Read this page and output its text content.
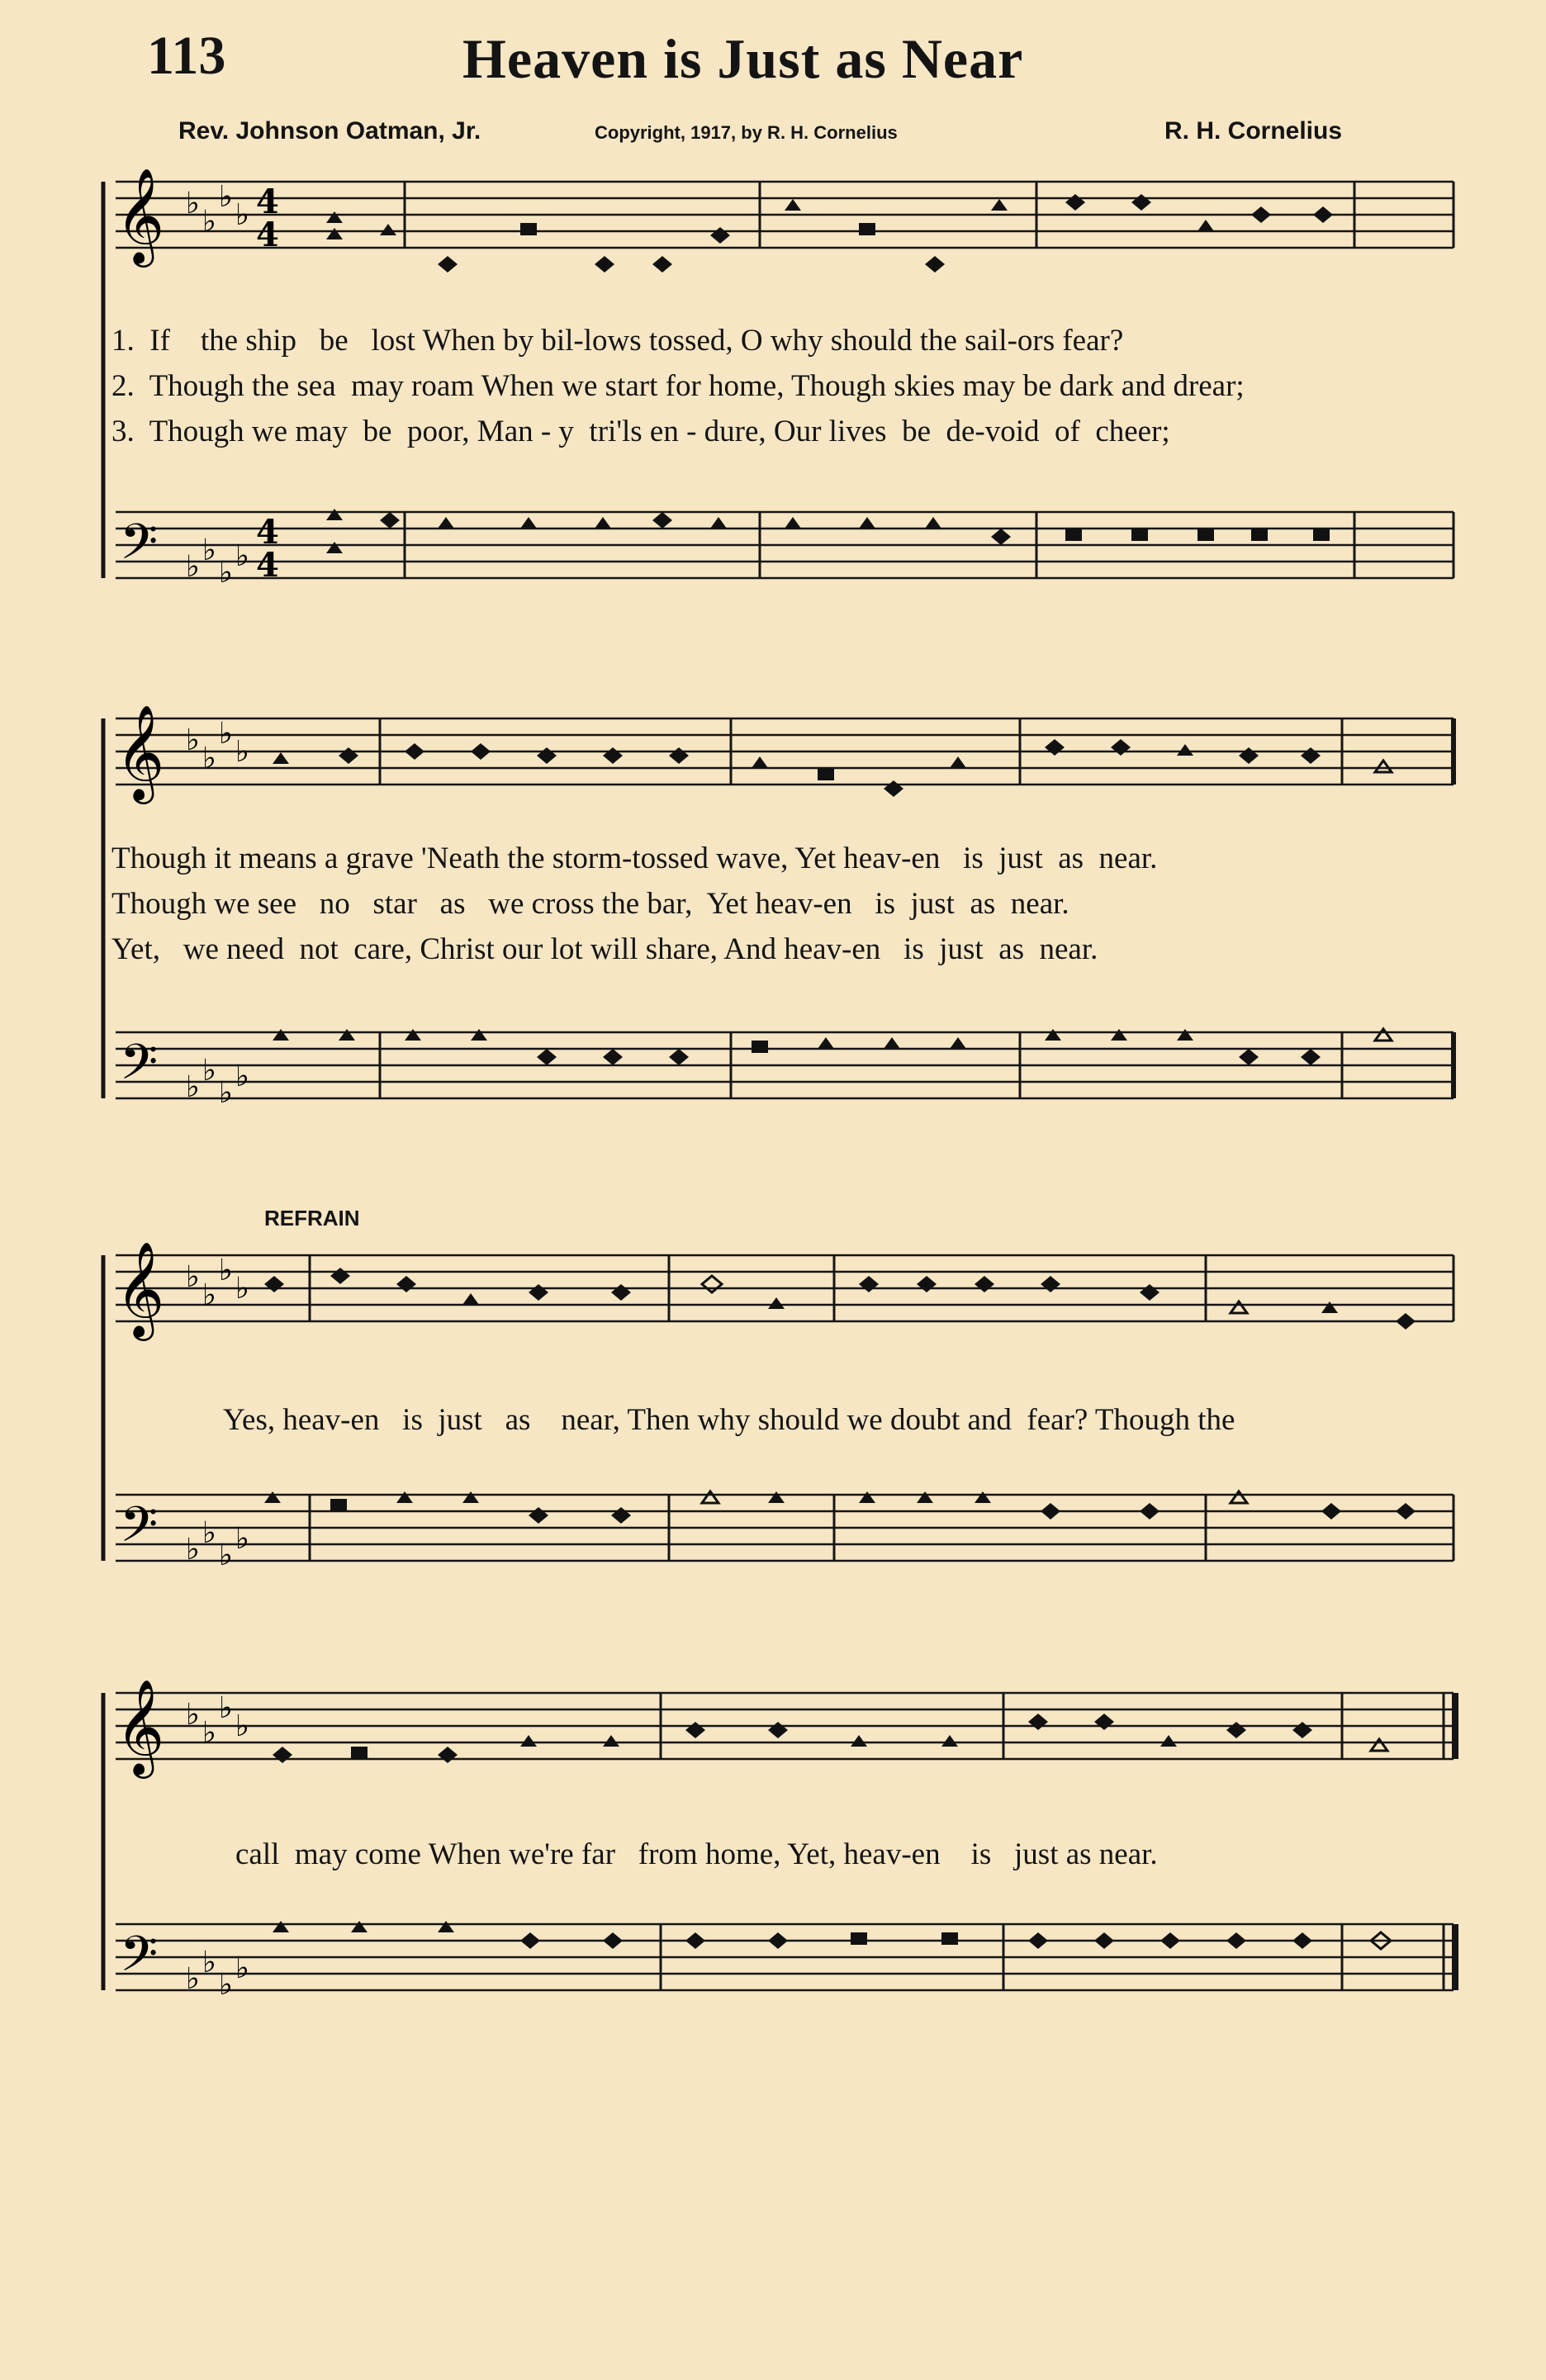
113	Heaven is Just as Near
Rev. Johnson Oatman, Jr.	Copyright, 1917, by R. H. Cornelius	R. H. Cornelius
𝄞
𝄢
♭
♭
♭
♭
♭ ♭
♭ ♭
4
4
4
4
1.  If    the ship   be   lost When by bil-lows tossed, O why should the sail-ors fear?
2.  Though the sea  may roam When we start for home, Though skies may be dark and drear;
3.  Though we may  be  poor, Man - y  tri'ls en - dure, Our lives  be  de-void  of  cheer;
𝄞
𝄢
♭
♭
♭
♭
♭ ♭
♭ ♭
Though it means a grave 'Neath the storm-tossed wave, Yet heav-en   is  just  as  near.
Though we see   no   star   as   we cross the bar,  Yet heav-en   is  just  as  near.
Yet,   we need  not  care, Christ our lot will share, And heav-en   is  just  as  near.
REFRAIN
𝄞
𝄢
♭
♭
♭
♭
♭ ♭
♭ ♭
Yes, heav-en   is  just   as    near, Then why should we doubt and  fear? Though the
𝄞
𝄢
♭
♭
♭
♭
♭ ♭
♭ ♭
call  may come When we're far   from home, Yet, heav-en    is   just as near.
